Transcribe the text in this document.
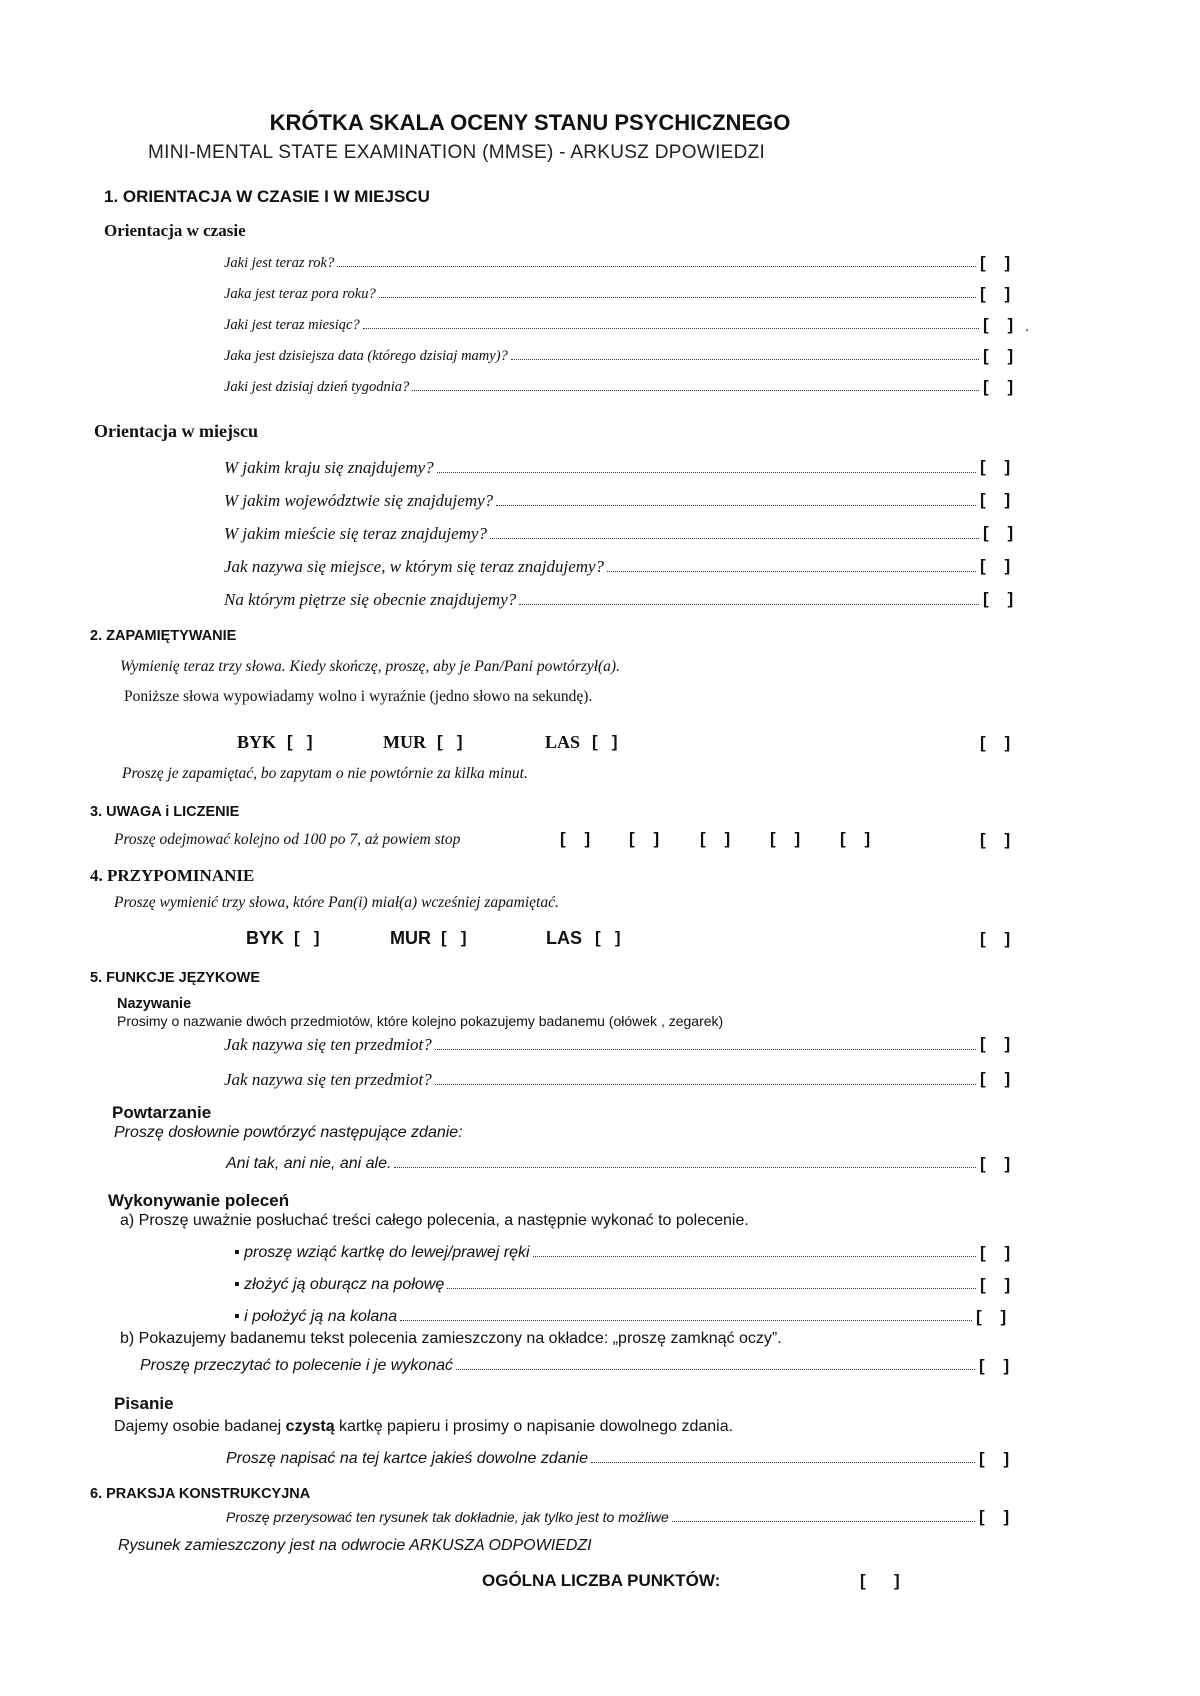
KRÓTKA SKALA OCENY STANU PSYCHICZNEGO
MINI-MENTAL STATE EXAMINATION (MMSE) - ARKUSZ DPOWIEDZI
1. ORIENTACJA W CZASIE I W MIEJSCU
Orientacja w czasie
Jaki jest teraz rok?	[    ]
Jaka jest teraz pora roku?	[    ]
Jaki jest teraz miesiąc?	[    ] .
Jaka jest dzisiejsza data (którego dzisiaj mamy)?	[    ]
Jaki jest dzisiaj dzień tygodnia?	[    ]
Orientacja w miejscu
W jakim kraju się znajdujemy?	[    ]
W jakim województwie się znajdujemy?	[    ]
W jakim mieście się teraz znajdujemy?	[    ]
Jak nazywa się miejsce, w którym się teraz znajdujemy?	[    ]
Na którym piętrze się obecnie znajdujemy?	[    ]
2. ZAPAMIĘTYWANIE
Wymienię teraz trzy słowa. Kiedy skończę, proszę, aby je Pan/Pani powtórzył(a).
Poniższe słowa wypowiadamy wolno i wyraźnie (jedno słowo na sekundę).
BYK [   ]	MUR [   ]	LAS [   ]	[    ]
Proszę je zapamiętać, bo zapytam o nie powtórnie za kilka minut.
3. UWAGA i LICZENIE
Proszę odejmować kolejno od 100 po 7, aż powiem stop	[    ] [    ] [    ] [    ] [    ]	[    ]
4. PRZYPOMINANIE
Proszę wymienić trzy słowa, które Pan(i) miał(a) wcześniej zapamiętać.
BYK [   ]	MUR [   ]	LAS [   ]	[    ]
5. FUNKCJE JĘZYKOWE
Nazywanie
Prosimy o nazwanie dwóch przedmiotów, które kolejno pokazujemy badanemu (ołówek , zegarek)
Jak nazywa się ten przedmiot?	[    ]
Jak nazywa się ten przedmiot?	[    ]
Powtarzanie
Proszę dosłownie powtórzyć następujące zdanie:
Ani tak, ani nie, ani ale.	[    ]
Wykonywanie poleceń
a) Proszę uważnie posłuchać treści całego polecenia, a następnie wykonać to polecenie.
▪ proszę wziąć kartkę do lewej/prawej ręki	[    ]
▪ złożyć ją oburącz na połowę	[    ]
▪ i położyć ją na kolana	[    ]
b) Pokazujemy badanemu tekst polecenia zamieszczony na okładce: „proszę zamknąć oczy”.
Proszę przeczytać to polecenie i je wykonać	[    ]
Pisanie
Dajemy osobie badanej czystą kartkę papieru i prosimy o napisanie dowolnego zdania.
Proszę napisać na tej kartce jakieś dowolne zdanie	[    ]
6. PRAKSJA KONSTRUKCYJNA
Proszę przerysować ten rysunek tak dokładnie, jak tylko jest to możliwe	[    ]
Rysunek zamieszczony jest na odwrocie ARKUSZA ODPOWIEDZI
OGÓLNA LICZBA PUNKTÓW:	[      ]
